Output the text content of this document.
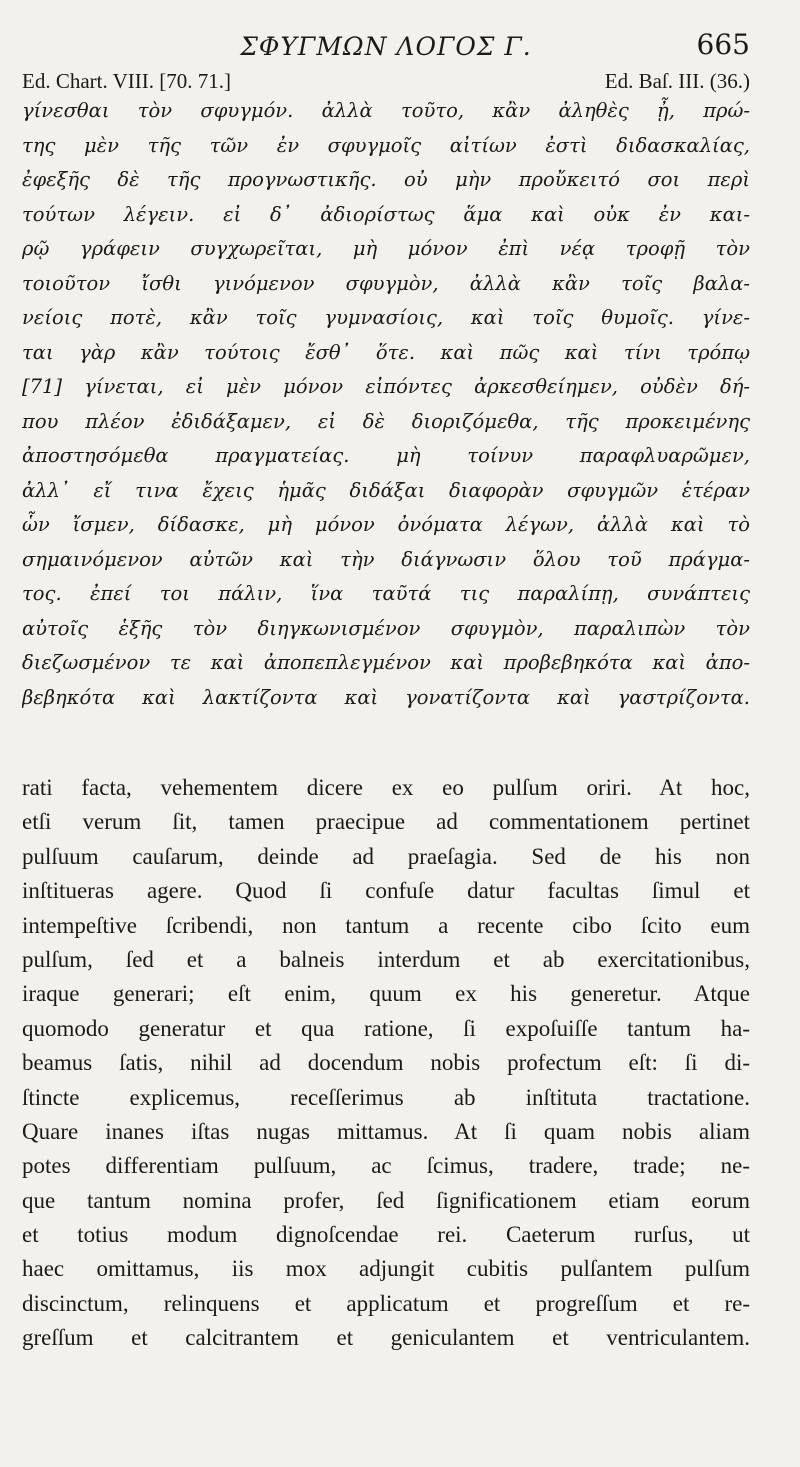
ΣΦΥΓΜΩΝ ΛΟΓΟΣ Γ.	665
Ed. Chart. VIII. [70. 71.]	Ed. Baſ. III. (36.)
γίνεσθαι τὸν σφυγμόν. ἀλλὰ τοῦτο, κἂν ἀληθὲς ᾖ, πρώ-
της μὲν τῆς τῶν ἐν σφυγμοῖς αἰτίων ἐστὶ διδασκαλίας,
ἐφεξῆς δὲ τῆς προγνωστικῆς. οὐ μὴν προὔκειτό σοι περὶ
τούτων λέγειν. εἰ δ᾽ ἀδιορίστως ἅμα καὶ οὐκ ἐν και-
ρῷ γράφειν συγχωρεῖται, μὴ μόνον ἐπὶ νέᾳ τροφῇ τὸν
τοιοῦτον ἴσθι γινόμενον σφυγμὸν, ἀλλὰ κἂν τοῖς βαλα-
νείοις ποτὲ, κἂν τοῖς γυμνασίοις, καὶ τοῖς θυμοῖς. γίνε-
ται γὰρ κἂν τούτοις ἔσθ᾽ ὅτε. καὶ πῶς καὶ τίνι τρόπῳ
[71] γίνεται, εἰ μὲν μόνον εἰπόντες ἀρκεσθείημεν, οὐδὲν δή-
που πλέον ἐδιδάξαμεν, εἰ δὲ διοριζόμεθα, τῆς προκειμένης
ἀποστησόμεθα πραγματείας. μὴ τοίνυν παραφλυαρῶμεν,
ἀλλ᾽ εἴ τινα ἔχεις ἡμᾶς διδάξαι διαφορὰν σφυγμῶν ἑτέραν
ὧν ἴσμεν, δίδασκε, μὴ μόνον ὀνόματα λέγων, ἀλλὰ καὶ τὸ
σημαινόμενον αὐτῶν καὶ τὴν διάγνωσιν ὅλου τοῦ πράγμα-
τος. ἐπεί τοι πάλιν, ἵνα ταῦτά τις παραλίπῃ, συνάπτεις
αὐτοῖς ἑξῆς τὸν διηγκωνισμένον σφυγμὸν, παραλιπὼν τὸν
διεζωσμένον τε καὶ ἀποπεπλεγμένον καὶ προβεβηκότα καὶ ἀπο-
βεβηκότα καὶ λακτίζοντα καὶ γονατίζοντα καὶ γαστρίζοντα.
rati facta, vehementem dicere ex eo pulſum oriri. At hoc,
etſi verum ſit, tamen praecipue ad commentationem pertinet
pulſuum cauſarum, deinde ad praeſagia. Sed de his non
inſtitueras agere. Quod ſi confuſe datur facultas ſimul et
intempeſtive ſcribendi, non tantum a recente cibo ſcito eum
pulſum, ſed et a balneis interdum et ab exercitationibus,
iraque generari; eſt enim, quum ex his generetur. Atque
quomodo generatur et qua ratione, ſi expoſuiſſe tantum ha-
beamus ſatis, nihil ad docendum nobis profectum eſt: ſi di-
ſtincte explicemus, receſſerimus ab inſtituta tractatione.
Quare inanes iſtas nugas mittamus. At ſi quam nobis aliam
potes differentiam pulſuum, ac ſcimus, tradere, trade; ne-
que tantum nomina profer, ſed ſignificationem etiam eorum
et totius modum dignoſcendae rei. Caeterum rurſus, ut
haec omittamus, iis mox adjungit cubitis pulſantem pulſum
discinctum, relinquens et applicatum et progreſſum et re-
greſſum et calcitrantem et geniculantem et ventriculantem.
